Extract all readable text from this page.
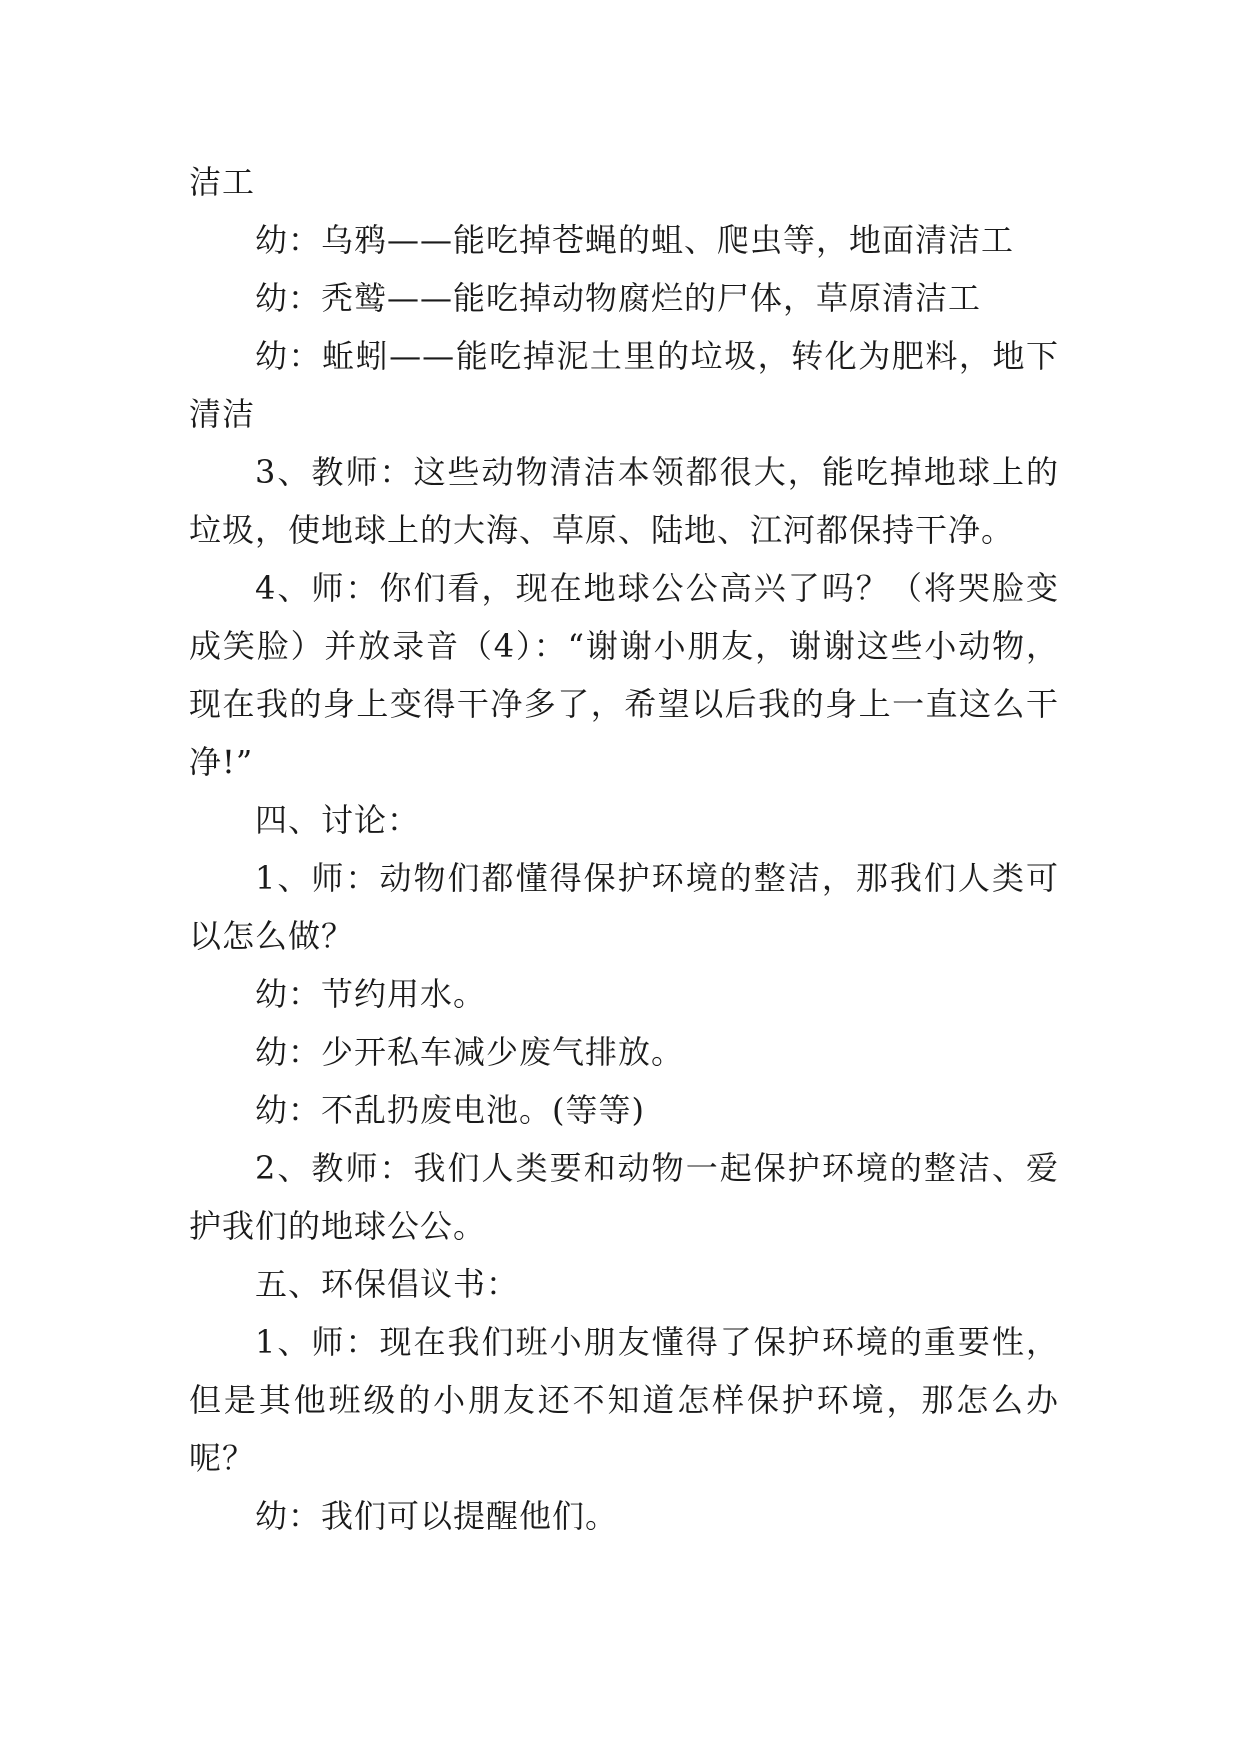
洁工

幼：乌鸦——能吃掉苍蝇的蛆、爬虫等，地面清洁工

幼：秃鹫——能吃掉动物腐烂的尸体，草原清洁工

幼：蚯蚓——能吃掉泥土里的垃圾，转化为肥料，地下清洁

3、教师：这些动物清洁本领都很大，能吃掉地球上的垃圾，使地球上的大海、草原、陆地、江河都保持干净。

4、师：你们看，现在地球公公高兴了吗？（将哭脸变成笑脸）并放录音（4）：“谢谢小朋友，谢谢这些小动物，现在我的身上变得干净多了，希望以后我的身上一直这么干净!”

四、讨论：

1、师：动物们都懂得保护环境的整洁，那我们人类可以怎么做？

幼：节约用水。

幼：少开私车减少废气排放。

幼：不乱扔废电池。(等等)

2、教师：我们人类要和动物一起保护环境的整洁、爱护我们的地球公公。

五、环保倡议书：

1、师：现在我们班小朋友懂得了保护环境的重要性，但是其他班级的小朋友还不知道怎样保护环境，那怎么办呢？

幼：我们可以提醒他们。
